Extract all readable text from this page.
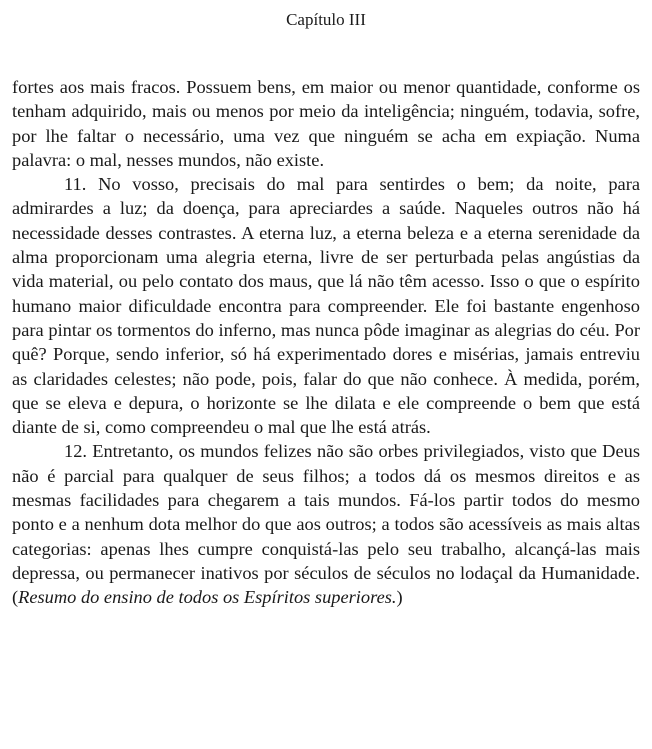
Capítulo III

fortes aos mais fracos. Possuem bens, em maior ou menor quantidade, conforme os tenham adquirido, mais ou menos por meio da inteligência; ninguém, todavia, sofre, por lhe faltar o necessário, uma vez que ninguém se acha em expiação. Numa palavra: o mal, nesses mundos, não existe.

11. No vosso, precisais do mal para sentirdes o bem; da noite, para admirardes a luz; da doença, para apreciardes a saúde. Naqueles outros não há necessidade desses contrastes. A eterna luz, a eterna beleza e a eterna serenidade da alma proporcionam uma alegria eterna, livre de ser perturbada pelas angústias da vida material, ou pelo contato dos maus, que lá não têm acesso. Isso o que o espírito humano maior dificuldade encontra para compreender. Ele foi bastante engenhoso para pintar os tormentos do inferno, mas nunca pôde imaginar as alegrias do céu. Por quê? Porque, sendo inferior, só há experimentado dores e misérias, jamais entreviu as claridades celestes; não pode, pois, falar do que não conhece. À medida, porém, que se eleva e depura, o horizonte se lhe dilata e ele compreende o bem que está diante de si, como compreendeu o mal que lhe está atrás.

12. Entretanto, os mundos felizes não são orbes privilegiados, visto que Deus não é parcial para qualquer de seus filhos; a todos dá os mesmos direitos e as mesmas facilidades para chegarem a tais mundos. Fá-los partir todos do mesmo ponto e a nenhum dota melhor do que aos outros; a todos são acessíveis as mais altas categorias: apenas lhes cumpre conquistá-las pelo seu trabalho, alcançá-las mais depressa, ou permanecer inativos por séculos de séculos no lodaçal da Humanidade. (Resumo do ensino de todos os Espíritos superiores.)
